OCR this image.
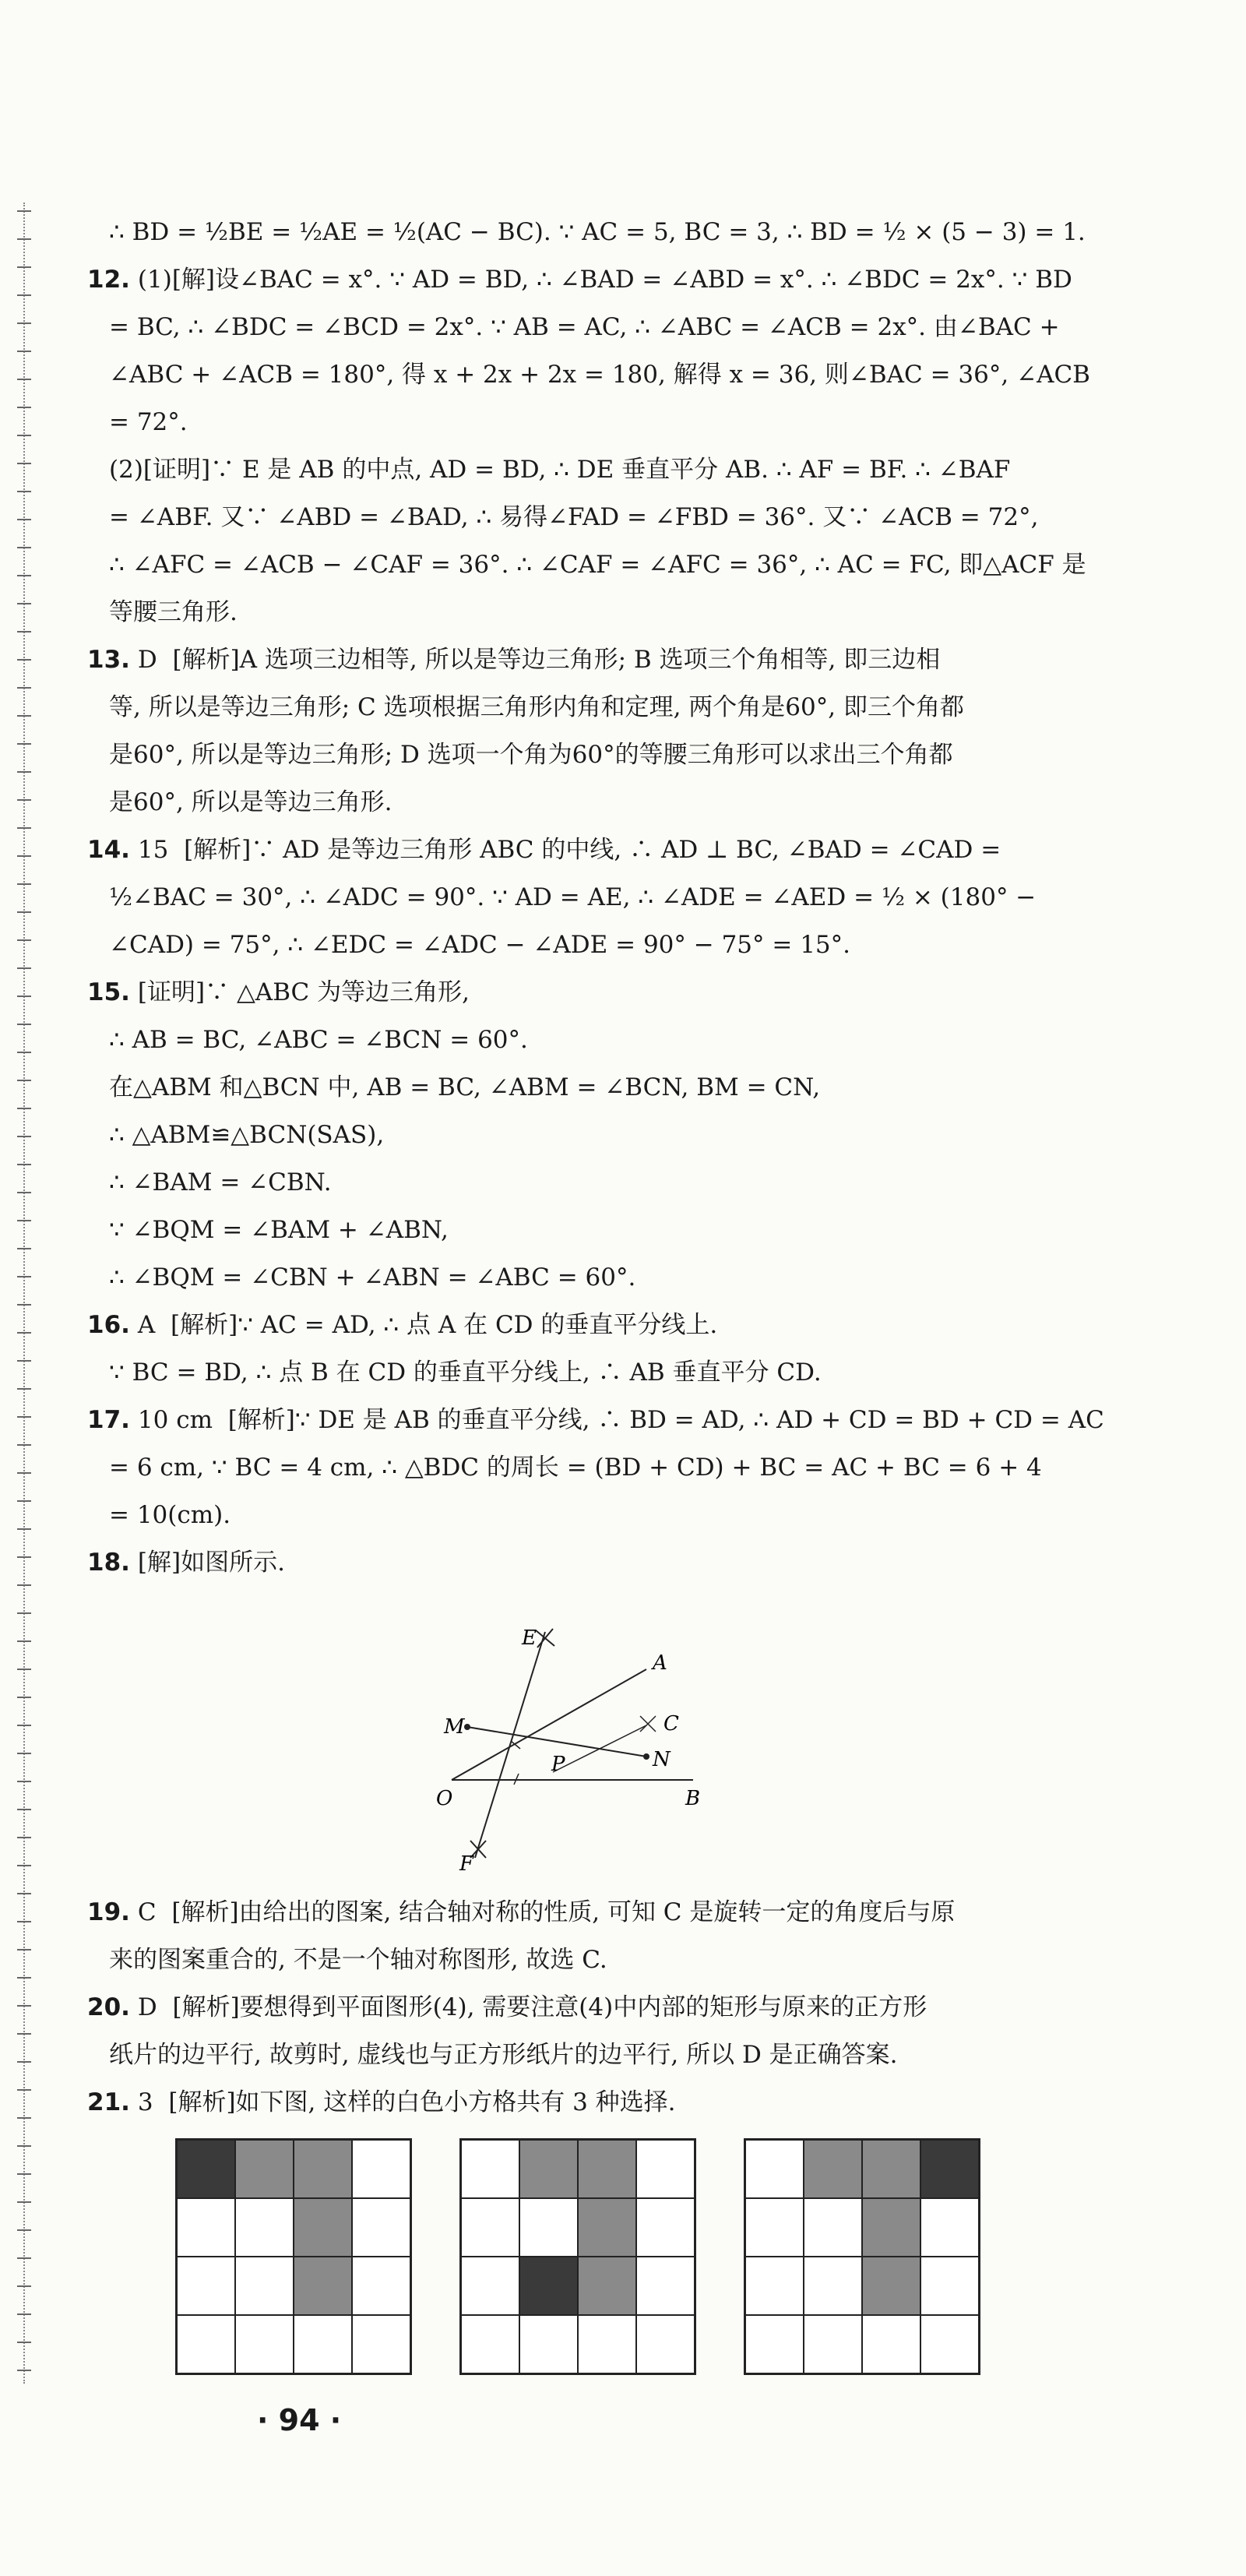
∴ BD = ½BE = ½AE = ½(AC − BC). ∵ AC = 5, BC = 3, ∴ BD = ½ × (5 − 3) = 1.
12. (1)[解]设∠BAC = x°. ∵ AD = BD, ∴ ∠BAD = ∠ABD = x°. ∴ ∠BDC = 2x°. ∵ BD
= BC, ∴ ∠BDC = ∠BCD = 2x°. ∵ AB = AC, ∴ ∠ABC = ∠ACB = 2x°. 由∠BAC +
∠ABC + ∠ACB = 180°, 得 x + 2x + 2x = 180, 解得 x = 36, 则∠BAC = 36°, ∠ACB
= 72°.
(2)[证明]∵ E 是 AB 的中点, AD = BD, ∴ DE 垂直平分 AB. ∴ AF = BF. ∴ ∠BAF
= ∠ABF. 又∵ ∠ABD = ∠BAD, ∴ 易得∠FAD = ∠FBD = 36°. 又∵ ∠ACB = 72°,
∴ ∠AFC = ∠ACB − ∠CAF = 36°. ∴ ∠CAF = ∠AFC = 36°, ∴ AC = FC, 即△ACF 是
等腰三角形.
13. D  [解析]A 选项三边相等, 所以是等边三角形; B 选项三个角相等, 即三边相
等, 所以是等边三角形; C 选项根据三角形内角和定理, 两个角是60°, 即三个角都
是60°, 所以是等边三角形; D 选项一个角为60°的等腰三角形可以求出三个角都
是60°, 所以是等边三角形.
14. 15  [解析]∵ AD 是等边三角形 ABC 的中线, ∴ AD ⊥ BC, ∠BAD = ∠CAD =
½∠BAC = 30°, ∴ ∠ADC = 90°. ∵ AD = AE, ∴ ∠ADE = ∠AED = ½ × (180° −
∠CAD) = 75°, ∴ ∠EDC = ∠ADC − ∠ADE = 90° − 75° = 15°.
15. [证明]∵ △ABC 为等边三角形,
∴ AB = BC, ∠ABC = ∠BCN = 60°.
在△ABM 和△BCN 中, AB = BC, ∠ABM = ∠BCN, BM = CN,
∴ △ABM≌△BCN(SAS),
∴ ∠BAM = ∠CBN.
∵ ∠BQM = ∠BAM + ∠ABN,
∴ ∠BQM = ∠CBN + ∠ABN = ∠ABC = 60°.
16. A  [解析]∵ AC = AD, ∴ 点 A 在 CD 的垂直平分线上.
∵ BC = BD, ∴ 点 B 在 CD 的垂直平分线上, ∴ AB 垂直平分 CD.
17. 10 cm  [解析]∵ DE 是 AB 的垂直平分线, ∴ BD = AD, ∴ AD + CD = BD + CD = AC
= 6 cm, ∵ BC = 4 cm, ∴ △BDC 的周长 = (BD + CD) + BC = AC + BC = 6 + 4
= 10(cm).
18. [解]如图所示.
E
A
M	C
N
P
O	B
F
19. C  [解析]由给出的图案, 结合轴对称的性质, 可知 C 是旋转一定的角度后与原
来的图案重合的, 不是一个轴对称图形, 故选 C.
20. D  [解析]要想得到平面图形(4), 需要注意(4)中内部的矩形与原来的正方形
纸片的边平行, 故剪时, 虚线也与正方形纸片的边平行, 所以 D 是正确答案.
21. 3  [解析]如下图, 这样的白色小方格共有 3 种选择.
· 94 ·
